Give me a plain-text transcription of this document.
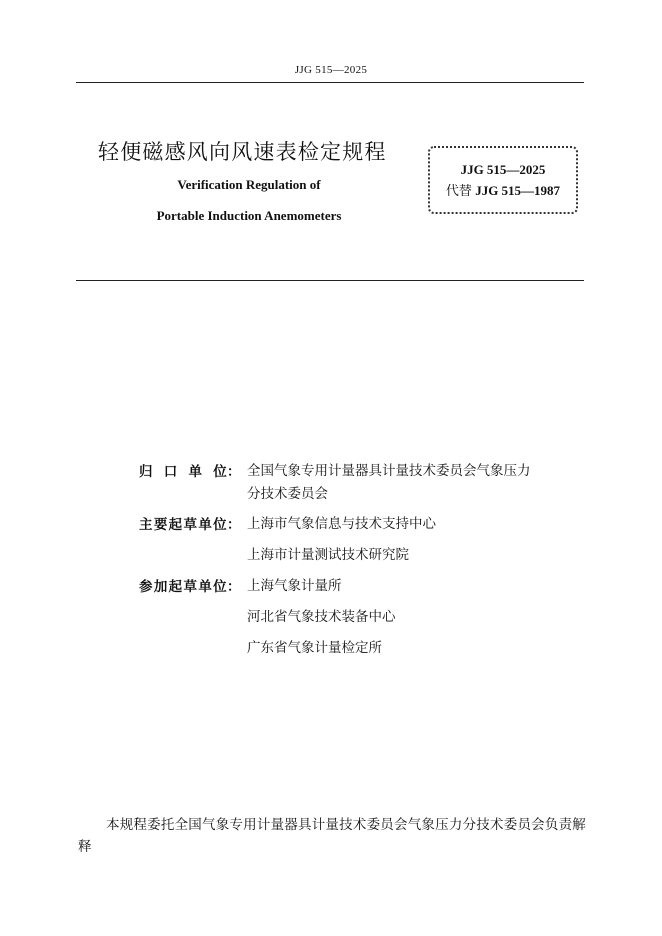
JJG 515—2025
轻便磁感风向风速表检定规程
Verification Regulation of
Portable Induction Anemometers
JJG 515—2025
代替 JJG 515—1987
归 口 单 位： 全国气象专用计量器具计量技术委员会气象压力
分技术委员会
主要起草单位： 上海市气象信息与技术支持中心
上海市计量测试技术研究院
参加起草单位： 上海气象计量所
河北省气象技术装备中心
广东省气象计量检定所
本规程委托全国气象专用计量器具计量技术委员会气象压力分技术委员会负责解释
